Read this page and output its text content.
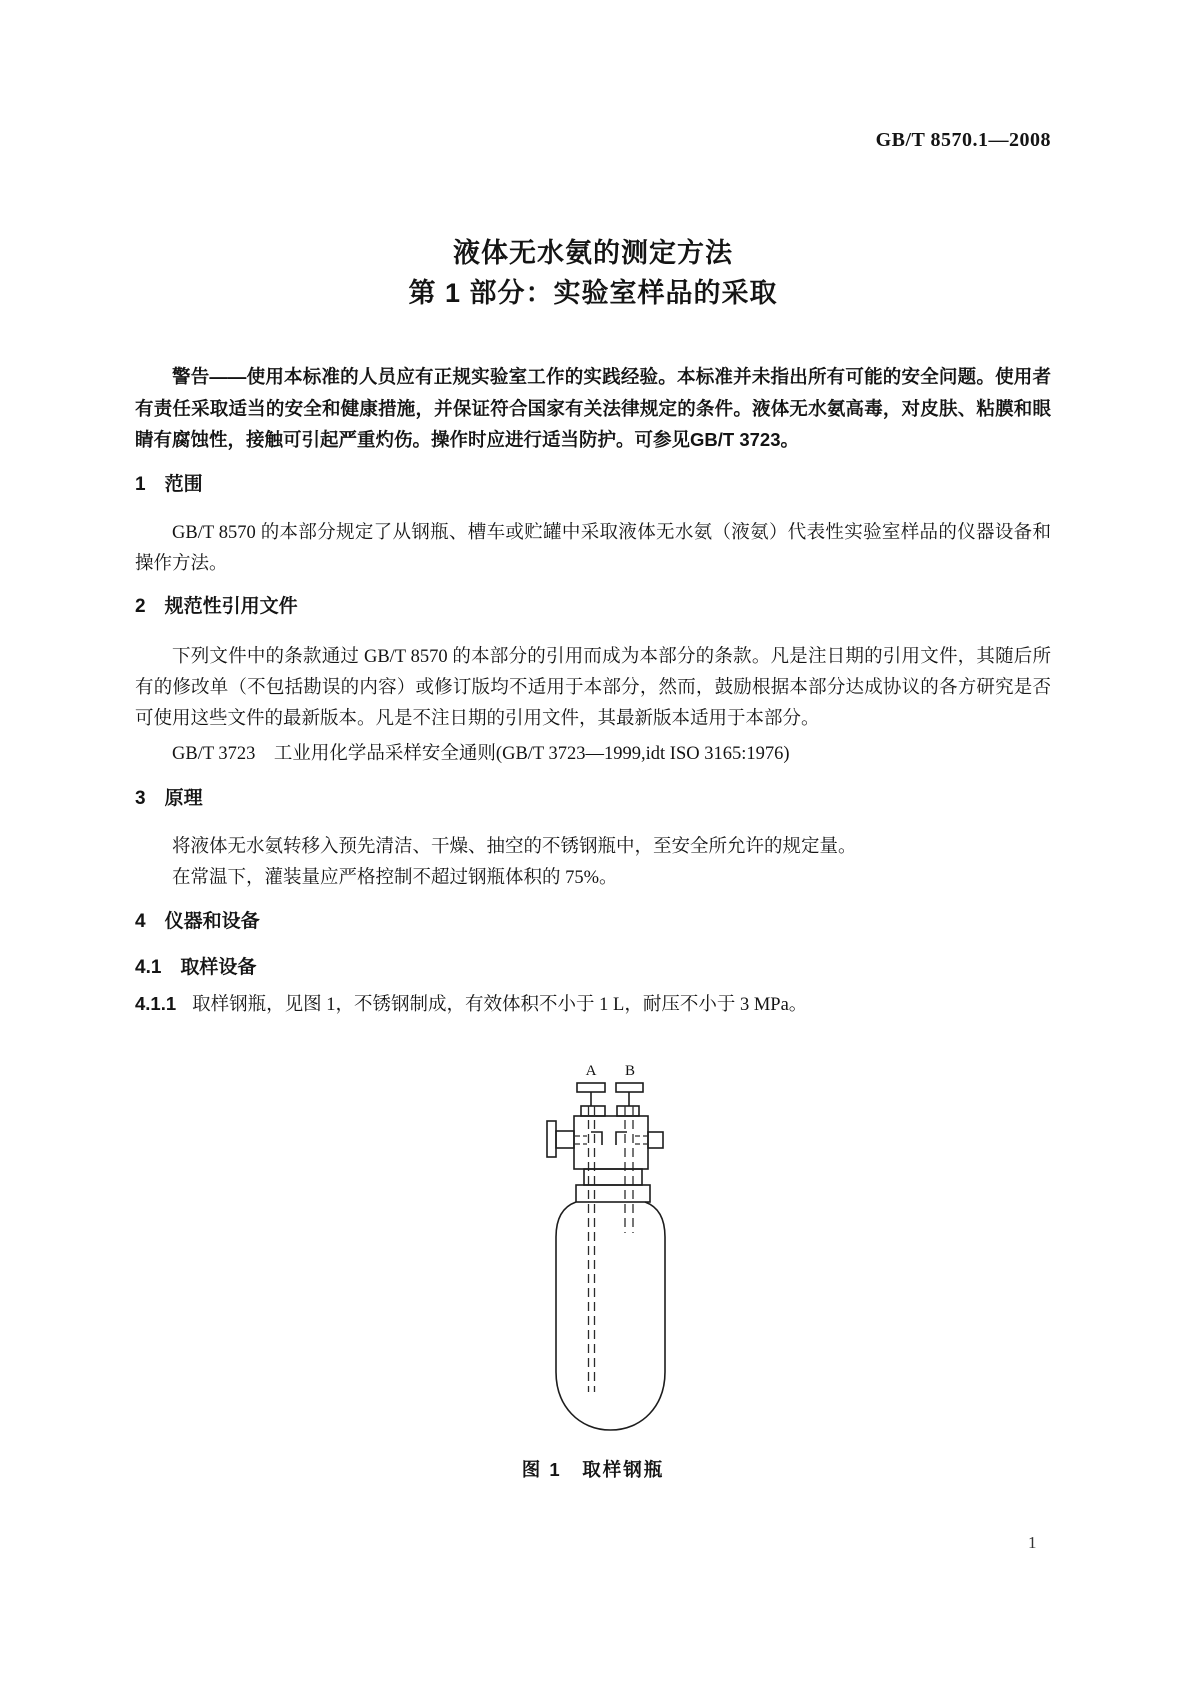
GB/T 8570.1—2008
液体无水氨的测定方法
第 1 部分：实验室样品的采取

警告——使用本标准的人员应有正规实验室工作的实践经验。本标准并未指出所有可能的安全问题。使用者有责任采取适当的安全和健康措施，并保证符合国家有关法律规定的条件。液体无水氨高毒，对皮肤、粘膜和眼睛有腐蚀性，接触可引起严重灼伤。操作时应进行适当防护。可参见GB/T 3723。

1 范围

GB/T 8570 的本部分规定了从钢瓶、槽车或贮罐中采取液体无水氨（液氨）代表性实验室样品的仪器设备和操作方法。

2 规范性引用文件

下列文件中的条款通过 GB/T 8570 的本部分的引用而成为本部分的条款。凡是注日期的引用文件，其随后所有的修改单（不包括勘误的内容）或修订版均不适用于本部分，然而，鼓励根据本部分达成协议的各方研究是否可使用这些文件的最新版本。凡是不注日期的引用文件，其最新版本适用于本部分。

GB/T 3723　工业用化学品采样安全通则(GB/T 3723—1999,idt ISO 3165:1976)

3 原理

将液体无水氨转移入预先清洁、干燥、抽空的不锈钢瓶中，至安全所允许的规定量。

在常温下，灌装量应严格控制不超过钢瓶体积的 75%。

4 仪器和设备
4.1 取样设备

4.1.1 取样钢瓶，见图 1，不锈钢制成，有效体积不小于 1 L，耐压不小于 3 MPa。

A B
图 1　取样钢瓶
1
